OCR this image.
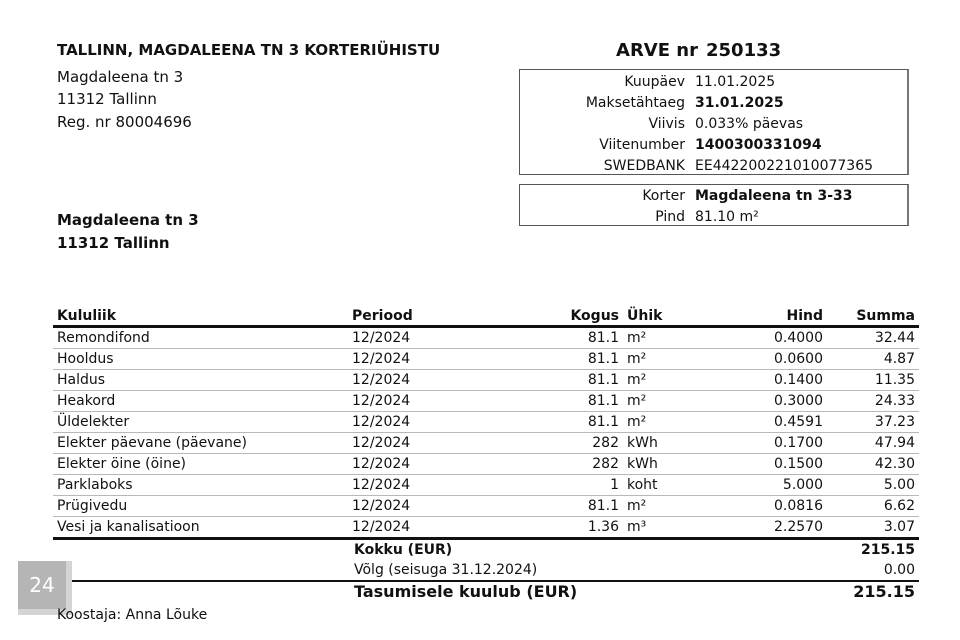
TALLINN, MAGDALEENA TN 3 KORTERIÜHISTU
Magdaleena tn 3
11312 Tallinn
Reg. nr 80004696
ARVE nr 250133
Kuupäev 11.01.2025
Maksetähtaeg 31.01.2025
Viivis 0.033% päevas
Viitenumber 1400300331094
SWEDBANK EE442200221010077365
Korter Magdaleena tn 3-33
Pind 81.10 m²
Magdaleena tn 3
11312 Tallinn
Kululiik	Periood	Kogus Ühik	Hind	Summa
Remondifond	12/2024	81.1 m²	0.4000	32.44
Hooldus	12/2024	81.1 m²	0.0600	4.87
Haldus	12/2024	81.1 m²	0.1400	11.35
Heakord	12/2024	81.1 m²	0.3000	24.33
Üldelekter	12/2024	81.1 m²	0.4591	37.23
Elekter päevane (päevane)	12/2024	282 kWh	0.1700	47.94
Elekter öine (öine)	12/2024	282 kWh	0.1500	42.30
Parklaboks	12/2024	1 koht	5.000	5.00
Prügivedu	12/2024	81.1 m²	0.0816	6.62
Vesi ja kanalisatioon	12/2024	1.36 m³	2.2570	3.07
Kokku (EUR)	215.15
Võlg (seisuga 31.12.2024)	0.00
Tasumisele kuulub (EUR)	215.15
24
Koostaja: Anna Lõuke
